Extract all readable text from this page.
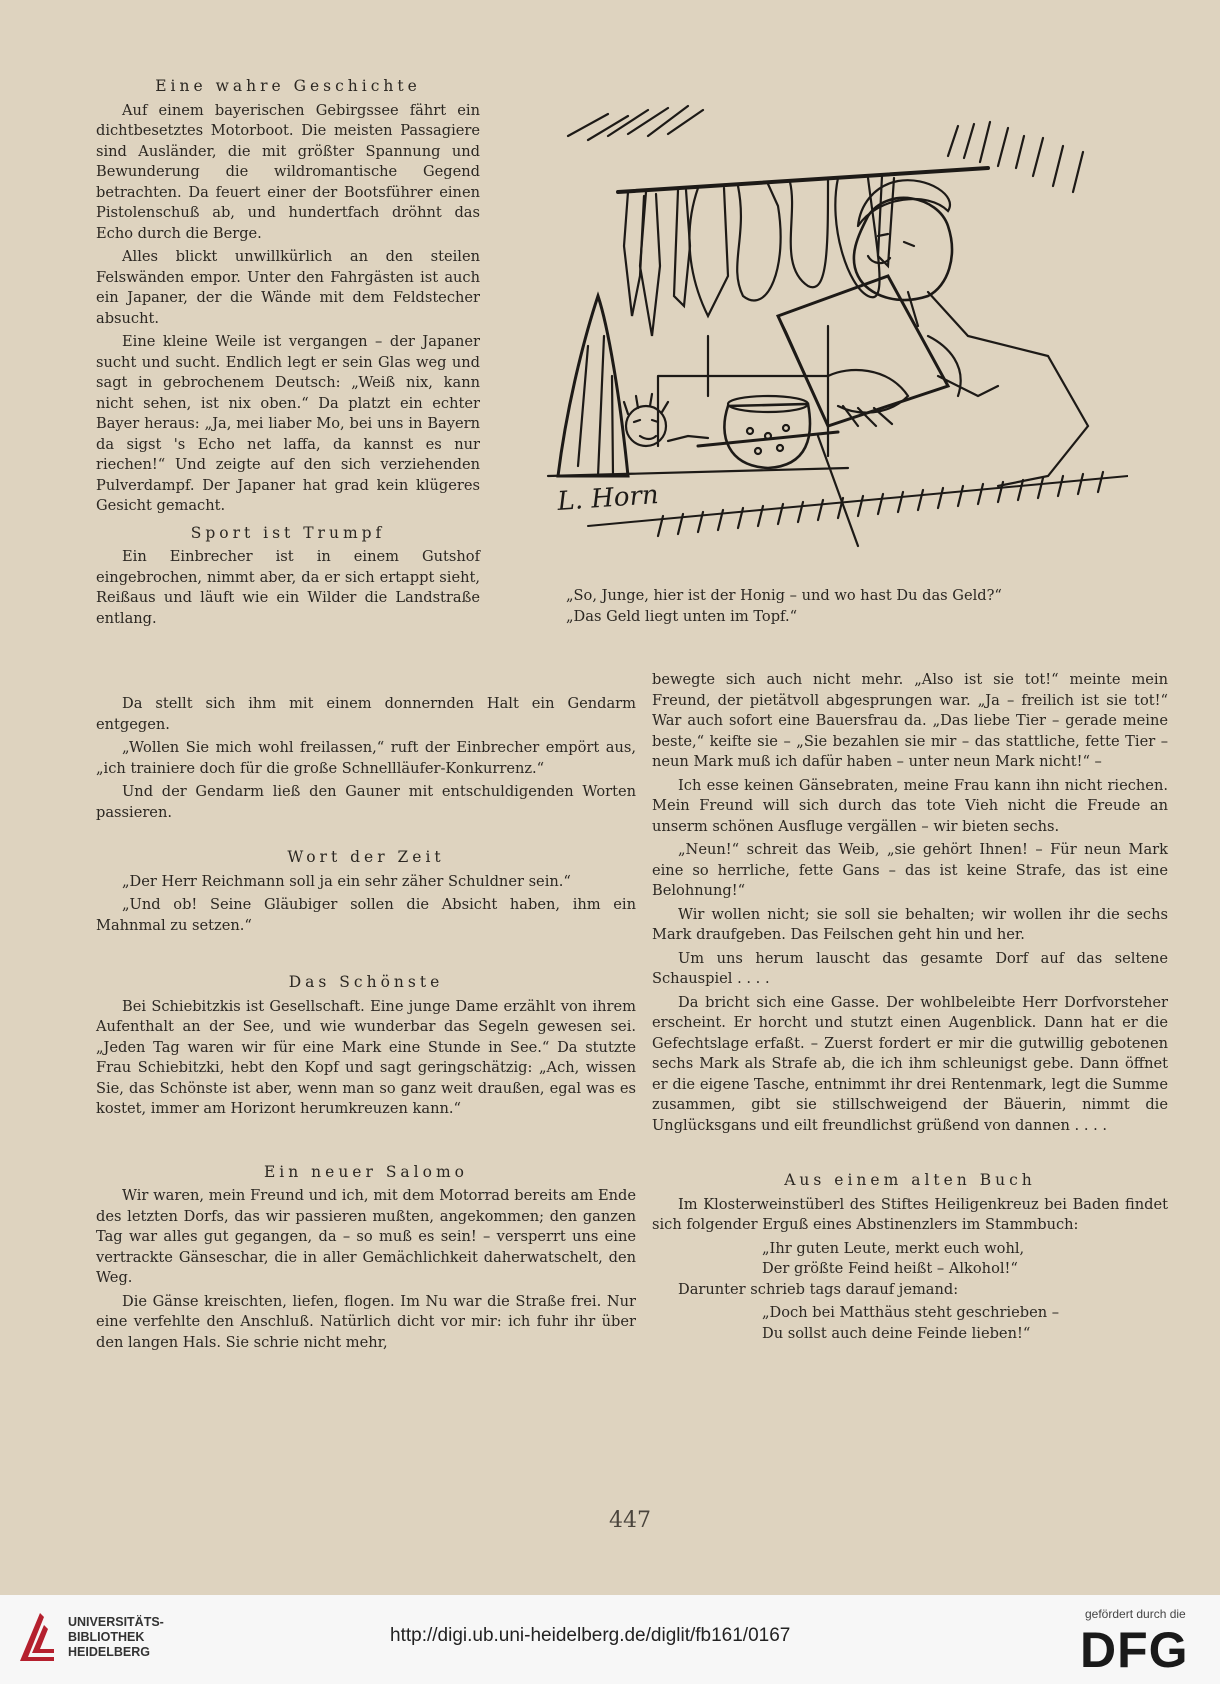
Eine wahre Geschichte

Auf einem bayerischen Gebirgssee fährt ein dichtbesetztes Motorboot. Die meisten Passagiere sind Ausländer, die mit größter Spannung und Bewunderung die wildromantische Gegend betrachten. Da feuert einer der Bootsführer einen Pistolenschuß ab, und hundertfach dröhnt das Echo durch die Berge.

Alles blickt unwillkürlich an den steilen Felswänden empor. Unter den Fahrgästen ist auch ein Japaner, der die Wände mit dem Feldstecher absucht.

Eine kleine Weile ist vergangen – der Japaner sucht und sucht. Endlich legt er sein Glas weg und sagt in gebrochenem Deutsch: „Weiß nix, kann nicht sehen, ist nix oben.“ Da platzt ein echter Bayer heraus: „Ja, mei liaber Mo, bei uns in Bayern da sigst 's Echo net laffa, da kannst es nur riechen!“ Und zeigte auf den sich verziehenden Pulverdampf. Der Japaner hat grad kein klügeres Gesicht gemacht.

Sport ist Trumpf

Ein Einbrecher ist in einem Gutshof eingebrochen, nimmt aber, da er sich ertappt sieht, Reißaus und läuft wie ein Wilder die Landstraße entlang.

Da stellt sich ihm mit einem donnernden Halt ein Gendarm entgegen.

„Wollen Sie mich wohl freilassen,“ ruft der Einbrecher empört aus, „ich trainiere doch für die große Schnellläufer-Konkurrenz.“

Und der Gendarm ließ den Gauner mit entschuldigenden Worten passieren.

Wort der Zeit

„Der Herr Reichmann soll ja ein sehr zäher Schuldner sein.“

„Und ob! Seine Gläubiger sollen die Absicht haben, ihm ein Mahnmal zu setzen.“

Das Schönste

Bei Schiebitzkis ist Gesellschaft. Eine junge Dame erzählt von ihrem Aufenthalt an der See, und wie wunderbar das Segeln gewesen sei. „Jeden Tag waren wir für eine Mark eine Stunde in See.“ Da stutzte Frau Schiebitzki, hebt den Kopf und sagt geringschätzig: „Ach, wissen Sie, das Schönste ist aber, wenn man so ganz weit draußen, egal was es kostet, immer am Horizont herumkreuzen kann.“

Ein neuer Salomo

Wir waren, mein Freund und ich, mit dem Motorrad bereits am Ende des letzten Dorfs, das wir passieren mußten, angekommen; den ganzen Tag war alles gut gegangen, da – so muß es sein! – versperrt uns eine vertrackte Gänseschar, die in aller Gemächlichkeit daherwatschelt, den Weg.

Die Gänse kreischten, liefen, flogen. Im Nu war die Straße frei. Nur eine verfehlte den Anschluß. Natürlich dicht vor mir: ich fuhr ihr über den langen Hals. Sie schrie nicht mehr,

L. Horn
„So, Junge, hier ist der Honig – und wo hast Du das Geld?“
„Das Geld liegt unten im Topf.“

bewegte sich auch nicht mehr. „Also ist sie tot!“ meinte mein Freund, der pietätvoll abgesprungen war. „Ja – freilich ist sie tot!“ War auch sofort eine Bauersfrau da. „Das liebe Tier – gerade meine beste,“ keifte sie – „Sie bezahlen sie mir – das stattliche, fette Tier – neun Mark muß ich dafür haben – unter neun Mark nicht!“ –

Ich esse keinen Gänsebraten, meine Frau kann ihn nicht riechen. Mein Freund will sich durch das tote Vieh nicht die Freude an unserm schönen Ausfluge vergällen – wir bieten sechs.

„Neun!“ schreit das Weib, „sie gehört Ihnen! – Für neun Mark eine so herrliche, fette Gans – das ist keine Strafe, das ist eine Belohnung!“

Wir wollen nicht; sie soll sie behalten; wir wollen ihr die sechs Mark draufgeben. Das Feilschen geht hin und her.

Um uns herum lauscht das gesamte Dorf auf das seltene Schauspiel . . . .

Da bricht sich eine Gasse. Der wohlbeleibte Herr Dorfvorsteher erscheint. Er horcht und stutzt einen Augenblick. Dann hat er die Gefechtslage erfaßt. – Zuerst fordert er mir die gutwillig gebotenen sechs Mark als Strafe ab, die ich ihm schleunigst gebe. Dann öffnet er die eigene Tasche, entnimmt ihr drei Rentenmark, legt die Summe zusammen, gibt sie stillschweigend der Bäuerin, nimmt die Unglücksgans und eilt freundlichst grüßend von dannen . . . .

Aus einem alten Buch

Im Klosterweinstüberl des Stiftes Heiligenkreuz bei Baden findet sich folgender Erguß eines Abstinenzlers im Stammbuch:

„Ihr guten Leute, merkt euch wohl,

Der größte Feind heißt – Alkohol!“

Darunter schrieb tags darauf jemand:

„Doch bei Matthäus steht geschrieben –

Du sollst auch deine Feinde lieben!“

447
UNIVERSITÄTS-
BIBLIOTHEK
HEIDELBERG
http://digi.ub.uni-heidelberg.de/diglit/fb161/0167
gefördert durch die
DFG
